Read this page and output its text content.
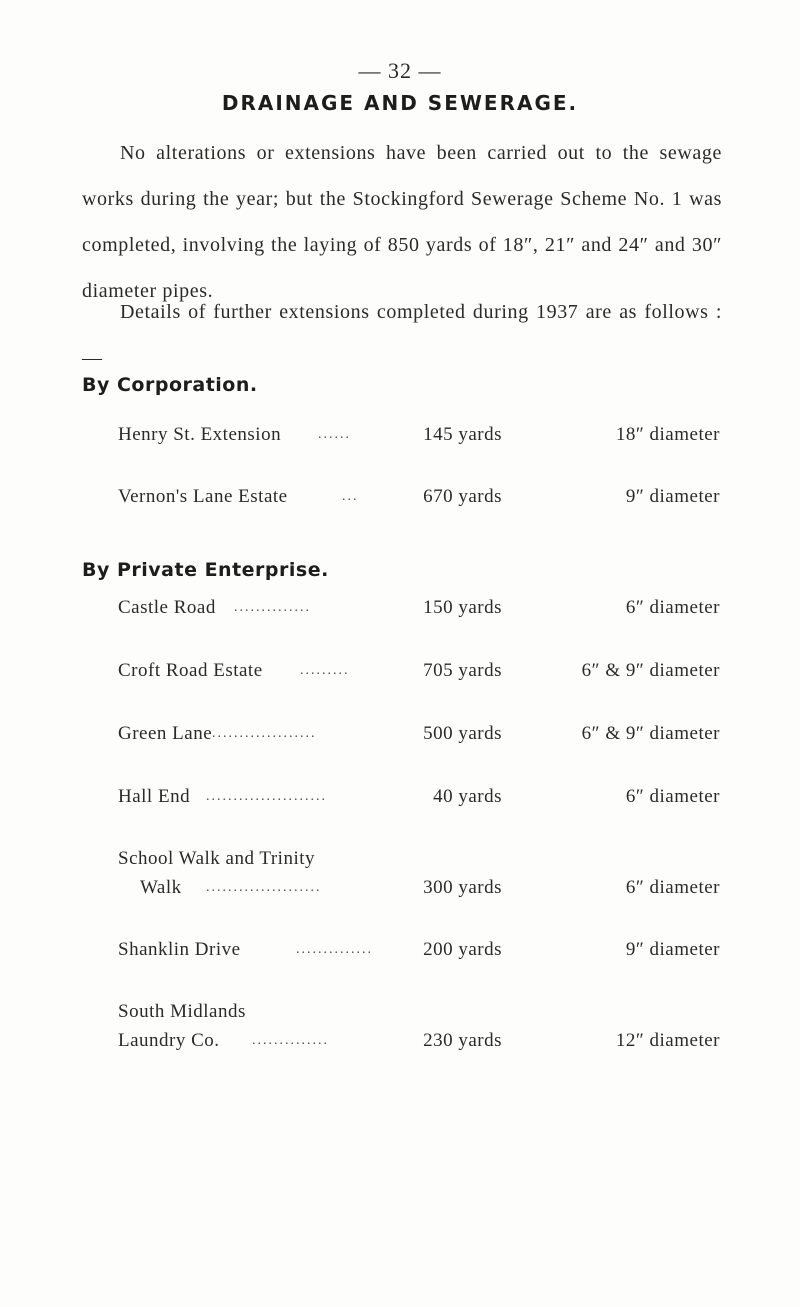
— 32 —
DRAINAGE AND SEWERAGE.
No alterations or extensions have been carried out to the sewage works during the year; but the Stockingford Sewerage Scheme No. 1 was completed, involving the laying of 850 yards of 18″, 21″ and 24″ and 30″ diameter pipes.
Details of further extensions completed during 1937 are as follows :—
By Corporation.
Henry St. Extension	......	145 yards	18″ diameter
Vernon's Lane Estate	...	670 yards	9″ diameter
By Private Enterprise.
Castle Road ..............	150 yards	6″ diameter
Croft Road Estate	.........	705 yards	6″ & 9″ diameter
Green Lane ...................	500 yards	6″ & 9″ diameter
Hall End ......................	40 yards	6″ diameter
School Walk and Trinity
Walk .....................	300 yards	6″ diameter
Shanklin Drive	..............	200 yards	9″ diameter
South Midlands
Laundry Co. ..............	230 yards	12″ diameter
